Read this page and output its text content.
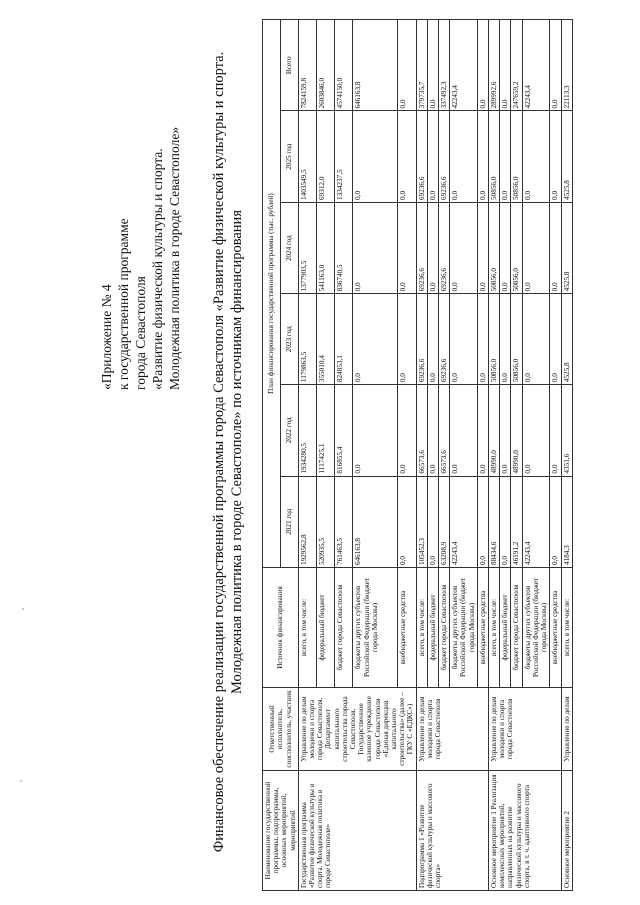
«Приложение № 4 к государственной программе города Севастополя «Развитие физической культуры и спорта. Молодежная политика в городе Севастополе» Финансовое обеспечение реализации государственной программы города Севастополя «Развитие физической культуры и спорта. Молодежная политика в городе Севастополе» по источникам финансирования
Наименование государственной программы, подпрограммы, основных мероприятий, мероприятий	Ответственный исполнитель, соисполнитель, участник	Источник финансирования	План финансирования государственной программы (тыс. рублей)					
			2021 год	2022 год	2023 год	2024 год	2025 год	Всего
Государственная программа «Развитие физической культуры и спорта. Молодежная политика в городе Севастополе»	Управление по делам молодежи и спорта города Севастополя, Департамент капитального строительства города Севастополя, Государственное казенное учреждение города Севастополя «Единая дирекция капитального строительства» (далее – ГКУ С «ЕДКС»)	всего, в том числе:	1929562,8	1934280,5	1179863,5	1377903,5	1403549,5	7824159,8
		федеральный бюджет	520935,5	1117425,1	355010,4	541163,0	69312,0	2603846,0
		бюджет города Севастополя	761463,5	816855,4	824853,1	836740,5	1334237,5	4574150,0
		бюджеты других субъектов Российской Федерации (бюджет города Москвы)	646163,8	0,0	0,0	0,0	0,0	646163,8
		внебюджетные средства	0,0	0,0	0,0	0,0	0,0	0,0
Подпрограмма 1 «Развитие физической культуры и массового спорта»	Управление по делам молодежи и спорта города Севастополя	всего, в том числе:	105452,3	66573,6	69236,6	69236,6	69236,6	379735,7
		федеральный бюджет	0,0	0,0	0,0	0,0	0,0	0,0
		бюджет города Севастополя	63208,9	66573,6	69236,6	69236,6	69236,6	337492,3
		бюджеты других субъектов Российской Федерации (бюджет города Москвы)	42243,4	0,0	0,0	0,0	0,0	42243,4
		внебюджетные средства	0,0	0,0	0,0	0,0	0,0	0,0
Основное мероприятие 1 Реализация комплексных мероприятий, направленных на развитие физической культуры и массового спорта, в т. ч. адаптивного спорта	Управление по делам молодежи и спорта города Севастополя	всего, в том числе:	88434,6	48990,0	50856,0	50856,0	50856,0	289992,6
		федеральный бюджет	0,0	0,0	0,0	0,0	0,0	0,0
		бюджет города Севастополя	46191,2	48990,0	50856,0	50856,0	50856,0	247659,2
		бюджеты других субъектов Российской Федерации (бюджет города Москвы)	42243,4	0,0	0,0	0,0	0,0	42243,4
		внебюджетные средства	0,0	0,0	0,0	0,0	0,0	0,0
Основное мероприятие 2	Управление по делам	всего, в том числе:	4184,3	4351,6	4525,8	4525,8	4525,8	22113,3
